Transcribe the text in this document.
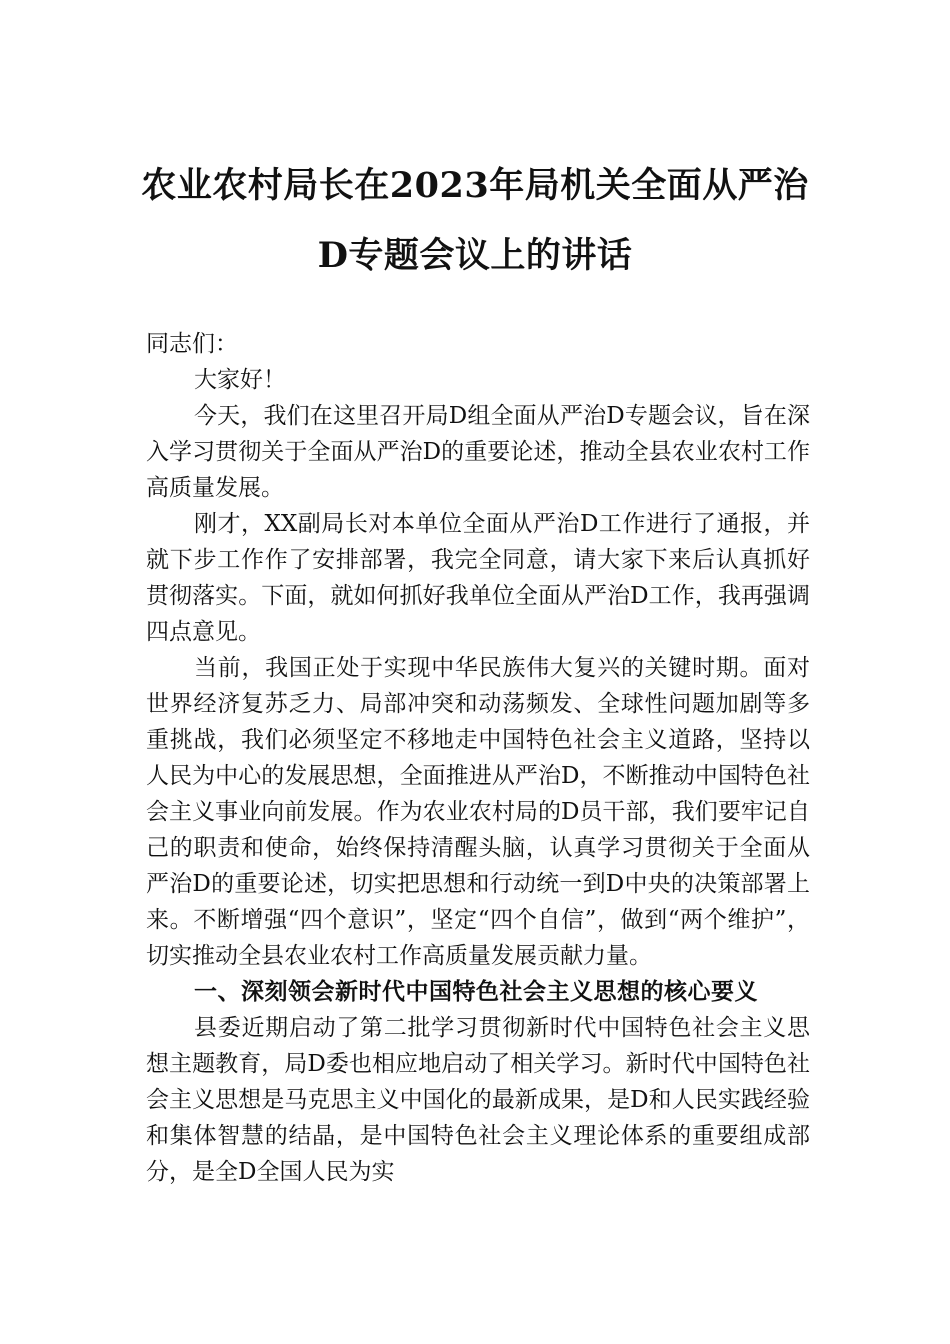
农业农村局长在2023年局机关全面从严治
D专题会议上的讲话

同志们：

大家好！

今天，我们在这里召开局D组全面从严治D专题会议，旨在深入学习贯彻关于全面从严治D的重要论述，推动全县农业农村工作高质量发展。

刚才，XX副局长对本单位全面从严治D工作进行了通报，并就下步工作作了安排部署，我完全同意，请大家下来后认真抓好贯彻落实。下面，就如何抓好我单位全面从严治D工作，我再强调四点意见。

当前，我国正处于实现中华民族伟大复兴的关键时期。面对世界经济复苏乏力、局部冲突和动荡频发、全球性问题加剧等多重挑战，我们必须坚定不移地走中国特色社会主义道路，坚持以人民为中心的发展思想，全面推进从严治D，不断推动中国特色社会主义事业向前发展。作为农业农村局的D员干部，我们要牢记自己的职责和使命，始终保持清醒头脑，认真学习贯彻关于全面从严治D的重要论述，切实把思想和行动统一到D中央的决策部署上来。不断增强“四个意识”，坚定“四个自信”，做到“两个维护”，切实推动全县农业农村工作高质量发展贡献力量。

一、深刻领会新时代中国特色社会主义思想的核心要义

县委近期启动了第二批学习贯彻新时代中国特色社会主义思想主题教育，局D委也相应地启动了相关学习。新时代中国特色社会主义思想是马克思主义中国化的最新成果，是D和人民实践经验和集体智慧的结晶，是中国特色社会主义理论体系的重要组成部分，是全D全国人民为实
